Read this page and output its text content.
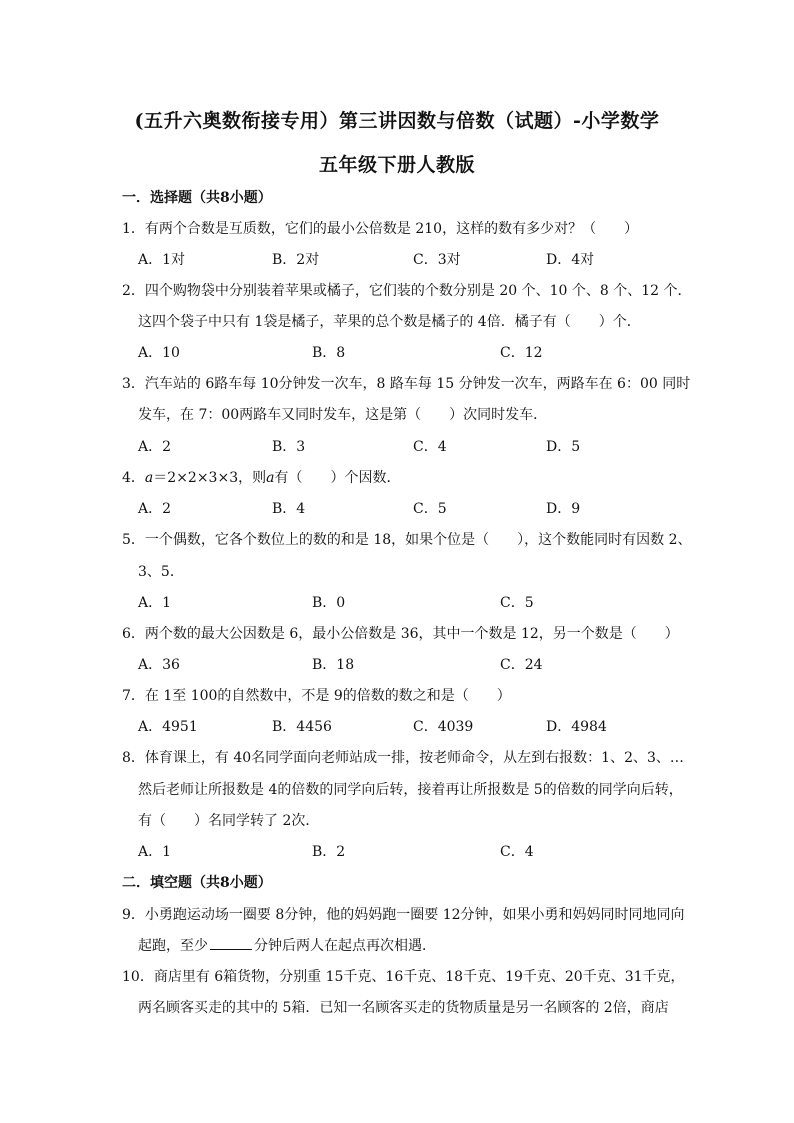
(五升六奥数衔接专用）第三讲因数与倍数（试题）-小学数学
五年级下册人教版
一．选择题（共8小题）
1．有两个合数是互质数，它们的最小公倍数是 210，这样的数有多少对？（　　）
A．1对	B．2对	C．3对	D．4对
2．四个购物袋中分别装着苹果或橘子，它们装的个数分别是 20 个、10 个、8 个、12 个．
这四个袋子中只有 1袋是橘子，苹果的总个数是橘子的 4倍．橘子有（　　）个．
A．10	B．8	C．12
3．汽车站的 6路车每 10分钟发一次车，8 路车每 15 分钟发一次车，两路车在 6：00 同时
发车，在 7：00两路车又同时发车，这是第（　　）次同时发车．
A．2	B．3	C．4	D．5
4．a＝2×2×3×3，则a有（　　）个因数．
A．2	B．4	C．5	D．9
5．一个偶数，它各个数位上的数的和是 18，如果个位是（　　），这个数能同时有因数 2、
3、5．
A．1	B．0	C．5
6．两个数的最大公因数是 6，最小公倍数是 36，其中一个数是 12，另一个数是（　　）
A．36	B．18	C．24
7．在 1至 100的自然数中，不是 9的倍数的数之和是（　　）
A．4951	B．4456	C．4039	D．4984
8．体育课上，有 40名同学面向老师站成一排，按老师命令，从左到右报数：1、2、3、…
然后老师让所报数是 4的倍数的同学向后转，接着再让所报数是 5的倍数的同学向后转，
有（　　）名同学转了 2次．
A．1	B．2	C．4
二．填空题（共8小题）
9．小勇跑运动场一圈要 8分钟，他的妈妈跑一圈要 12分钟，如果小勇和妈妈同时同地同向
起跑，至少	分钟后两人在起点再次相遇．
10．商店里有 6箱货物，分别重 15千克、16千克、18千克、19千克、20千克、31千克，
两名顾客买走的其中的 5箱．已知一名顾客买走的货物质量是另一名顾客的 2倍，商店
